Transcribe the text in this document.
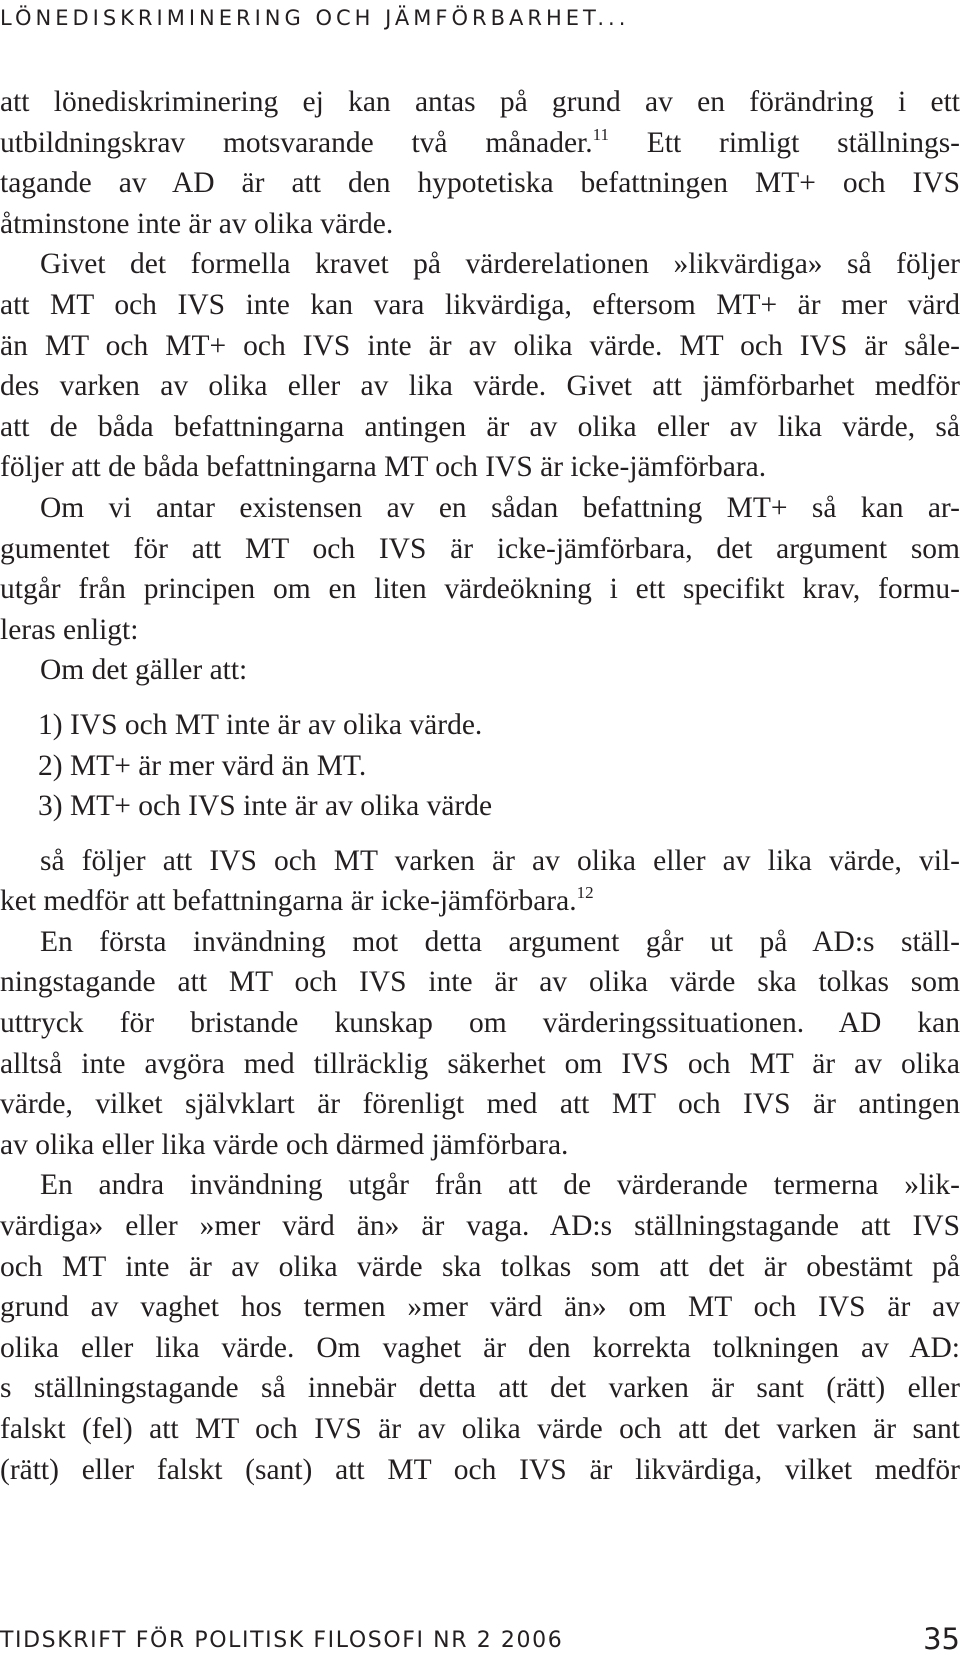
LÖNEDISKRIMINERING OCH JÄMFÖRBARHET...
att lönediskriminering ej kan antas på grund av en förändring i ett
utbildningskrav motsvarande två månader.$^{11}$ Ett rimligt ställnings-
tagande av AD är att den hypotetiska befattningen MT+ och IVS
åtminstone inte är av olika värde.
Givet det formella kravet på värderelationen »likvärdiga» så följer
att MT och IVS inte kan vara likvärdiga, eftersom MT+ är mer värd
än MT och MT+ och IVS inte är av olika värde. MT och IVS är såle-
des varken av olika eller av lika värde. Givet att jämförbarhet medför
att de båda befattningarna antingen är av olika eller av lika värde, så
följer att de båda befattningarna MT och IVS är icke-jämförbara.
Om vi antar existensen av en sådan befattning MT+ så kan ar-
gumentet för att MT och IVS är icke-jämförbara, det argument som
utgår från principen om en liten värdeökning i ett specifikt krav, formu-
leras enligt:
Om det gäller att:
1) IVS och MT inte är av olika värde.
2) MT+ är mer värd än MT.
3) MT+ och IVS inte är av olika värde
så följer att IVS och MT varken är av olika eller av lika värde, vil-
ket medför att befattningarna är icke-jämförbara.$^{12}$
En första invändning mot detta argument går ut på AD:s ställ-
ningstagande att MT och IVS inte är av olika värde ska tolkas som
uttryck för bristande kunskap om värderingssituationen. AD kan
alltså inte avgöra med tillräcklig säkerhet om IVS och MT är av olika
värde, vilket självklart är förenligt med att MT och IVS är antingen
av olika eller lika värde och därmed jämförbara.
En andra invändning utgår från att de värderande termerna »lik-
värdiga» eller »mer värd än» är vaga. AD:s ställningstagande att IVS
och MT inte är av olika värde ska tolkas som att det är obestämt på
grund av vaghet hos termen »mer värd än» om MT och IVS är av
olika eller lika värde. Om vaghet är den korrekta tolkningen av AD:
s ställningstagande så innebär detta att det varken är sant (rätt) eller
falskt (fel) att MT och IVS är av olika värde och att det varken är sant
(rätt) eller falskt (sant) att MT och IVS är likvärdiga, vilket medför
TIDSKRIFT FÖR POLITISK FILOSOFI NR 2 2006	35
